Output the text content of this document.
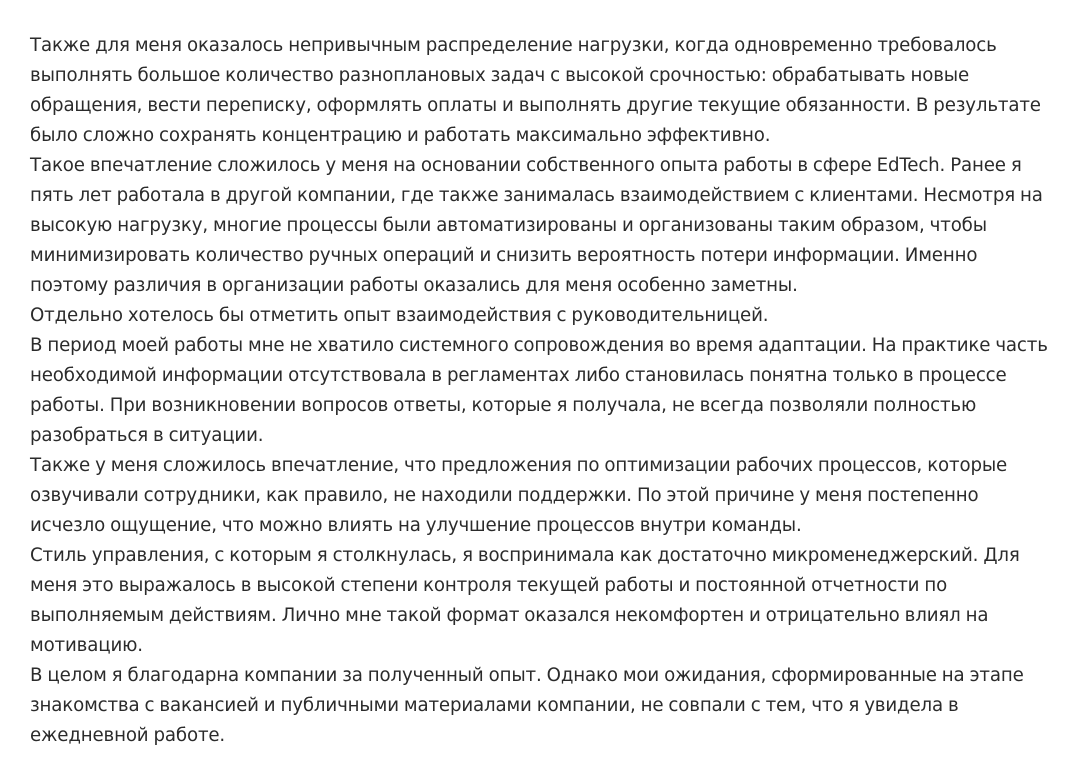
Также для меня оказалось непривычным распределение нагрузки, когда одновременно требовалось выполнять большое количество разноплановых задач с высокой срочностью: обрабатывать новые обращения, вести переписку, оформлять оплаты и выполнять другие текущие обязанности. В результате было сложно сохранять концентрацию и работать максимально эффективно.

Такое впечатление сложилось у меня на основании собственного опыта работы в сфере EdTech. Ранее я пять лет работала в другой компании, где также занималась взаимодействием с клиентами. Несмотря на высокую нагрузку, многие процессы были автоматизированы и организованы таким образом, чтобы минимизировать количество ручных операций и снизить вероятность потери информации. Именно поэтому различия в организации работы оказались для меня особенно заметны.

Отдельно хотелось бы отметить опыт взаимодействия с руководительницей.

В период моей работы мне не хватило системного сопровождения во время адаптации. На практике часть необходимой информации отсутствовала в регламентах либо становилась понятна только в процессе работы. При возникновении вопросов ответы, которые я получала, не всегда позволяли полностью разобраться в ситуации.

Также у меня сложилось впечатление, что предложения по оптимизации рабочих процессов, которые озвучивали сотрудники, как правило, не находили поддержки. По этой причине у меня постепенно исчезло ощущение, что можно влиять на улучшение процессов внутри команды.

Стиль управления, с которым я столкнулась, я воспринимала как достаточно микроменеджерский. Для меня это выражалось в высокой степени контроля текущей работы и постоянной отчетности по выполняемым действиям. Лично мне такой формат оказался некомфортен и отрицательно влиял на мотивацию.

В целом я благодарна компании за полученный опыт. Однако мои ожидания, сформированные на этапе знакомства с вакансией и публичными материалами компании, не совпали с тем, что я увидела в ежедневной работе.
